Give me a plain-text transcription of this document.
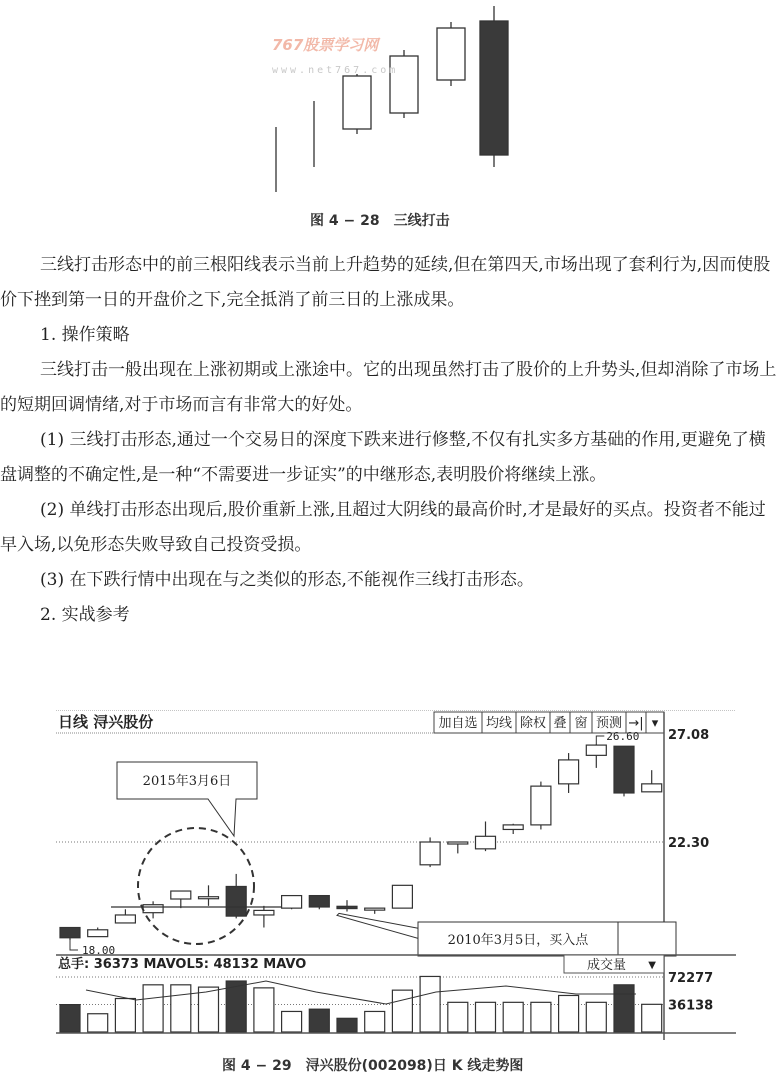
767股票学习网
www.net767.com
图 4 − 28　三线打击

三线打击形态中的前三根阳线表示当前上升趋势的延续,但在第四天,市场出现了套利行为,因而使股价下挫到第一日的开盘价之下,完全抵消了前三日的上涨成果。

1. 操作策略

三线打击一般出现在上涨初期或上涨途中。它的出现虽然打击了股价的上升势头,但却消除了市场上的短期回调情绪,对于市场而言有非常大的好处。

(1) 三线打击形态,通过一个交易日的深度下跌来进行修整,不仅有扎实多方基础的作用,更避免了横盘调整的不确定性,是一种“不需要进一步证实”的中继形态,表明股价将继续上涨。

(2) 单线打击形态出现后,股价重新上涨,且超过大阴线的最高价时,才是最好的买点。投资者不能过早入场,以免形态失败导致自己投资受损。

(3) 在下跌行情中出现在与之类似的形态,不能视作三线打击形态。

2. 实战参考

日线 浔兴股份	加自选 均线 除权 叠 窗 预测 →| ▾
27.08
22.30
18.00
26.60
2015年3月6日
2010年3月5日，买入点
总手: 36373 MAVOL5: 48132 MAVO	成交量 ▼
72277
36138
图 4 − 29　浔兴股份(002098)日 K 线走势图
